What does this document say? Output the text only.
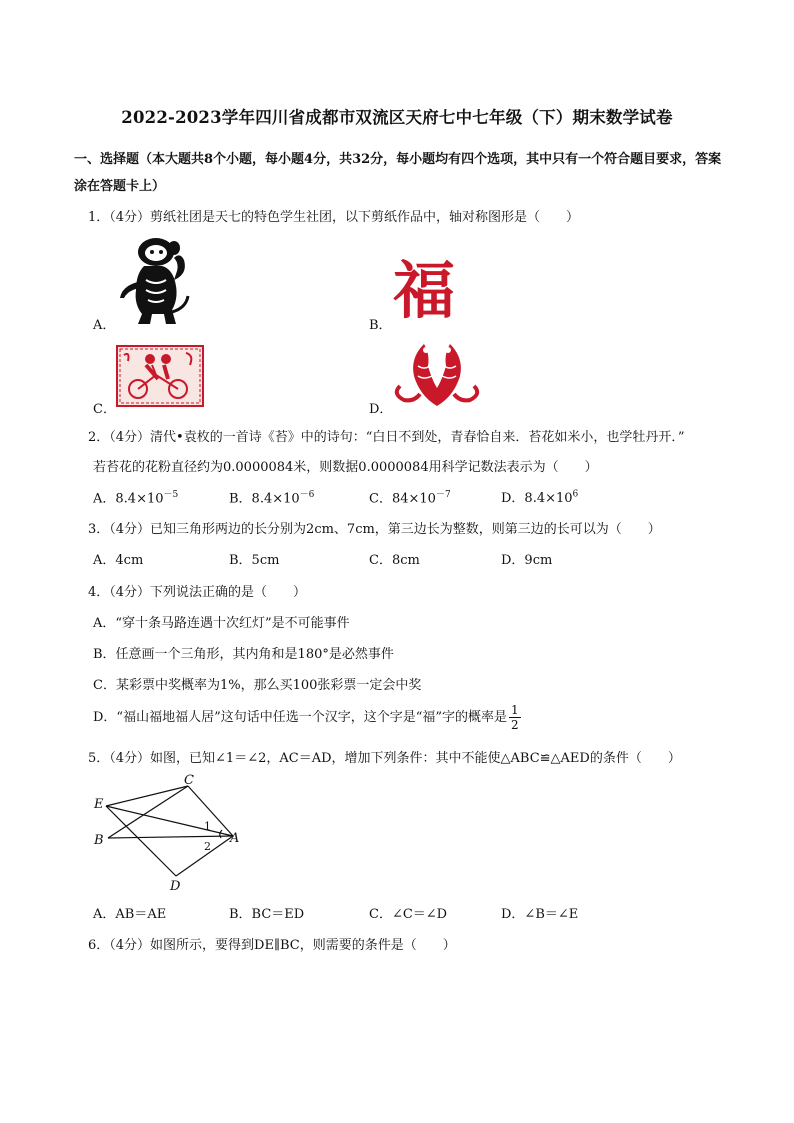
2022-2023学年四川省成都市双流区天府七中七年级（下）期末数学试卷
一、选择题（本大题共8个小题，每小题4分，共32分，每小题均有四个选项，其中只有一个符合题目要求，答案涂在答题卡上）
1．（4分）剪纸社团是天七的特色学生社团，以下剪纸作品中，轴对称图形是（　　）
A．	B． 福
C．	D．
2．（4分）清代•袁枚的一首诗《苔》中的诗句：“白日不到处，青春恰自来．苔花如米小，也学牡丹开．”
若苔花的花粉直径约为0.0000084米，则数据0.0000084用科学记数法表示为（　　）
A．$8.4\times 10^{-5}$	B．$8.4\times 10^{-6}$	C．$84\times 10^{-7}$	D．$8.4\times 10^6$
3．（4分）已知三角形两边的长分别为2cm、7cm，第三边长为整数，则第三边的长可以为（　　）
A．4cm	B．5cm	C．8cm	D．9cm
4．（4分）下列说法正确的是（　　）
A．“穿十条马路连遇十次红灯”是不可能事件
B．任意画一个三角形，其内角和是180°是必然事件
C．某彩票中奖概率为1%，那么买100张彩票一定会中奖
D．“福山福地福人居”这句话中任选一个汉字，这个字是“福”字的概率是 $\frac{1}{2}$
5．（4分）如图，已知∠1＝∠2，AC＝AD，增加下列条件：其中不能使△ABC≌△AED的条件（　　）
C
E
B	A
D
1
2
A．AB＝AE	B．BC＝ED	C．∠C＝∠D	D．∠B＝∠E
6．（4分）如图所示，要得到DE∥BC，则需要的条件是（　　）
